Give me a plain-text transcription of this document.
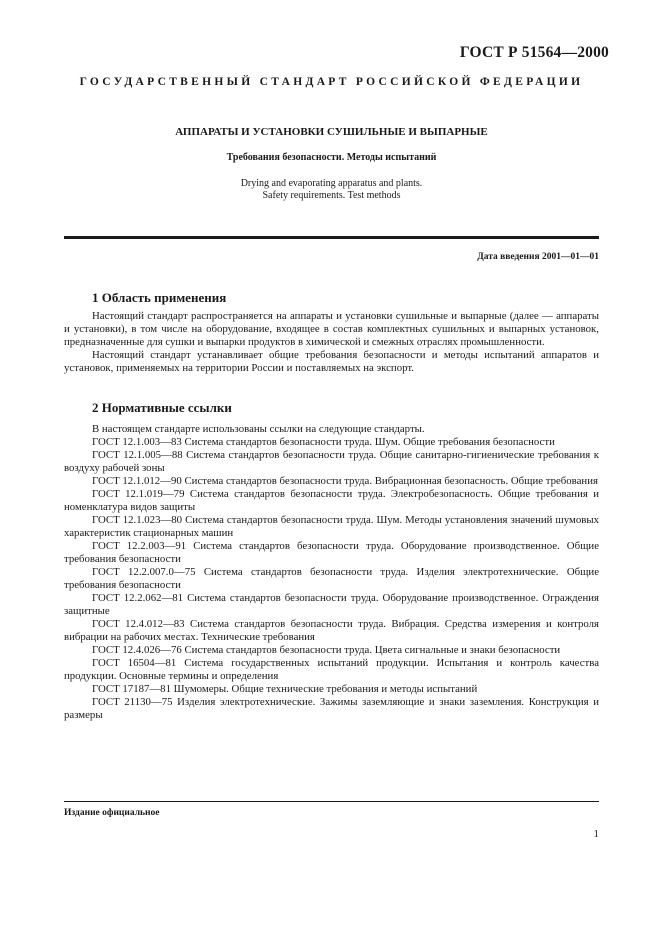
ГОСТ Р 51564—2000
ГОСУДАРСТВЕННЫЙ СТАНДАРТ РОССИЙСКОЙ ФЕДЕРАЦИИ
АППАРАТЫ И УСТАНОВКИ СУШИЛЬНЫЕ И ВЫПАРНЫЕ
Требования безопасности. Методы испытаний
Drying and evaporating apparatus and plants.
Safety requirements. Test methods
Дата введения 2001—01—01
1 Область применения

Настоящий стандарт распространяется на аппараты и установки сушильные и выпарные (далее — аппараты и установки), в том числе на оборудование, входящее в состав комплектных сушильных и выпарных установок, предназначенные для сушки и выпарки продуктов в химической и смежных отраслях промышленности.

Настоящий стандарт устанавливает общие требования безопасности и методы испытаний аппаратов и установок, применяемых на территории России и поставляемых на экспорт.

2 Нормативные ссылки

В настоящем стандарте использованы ссылки на следующие стандарты.

ГОСТ 12.1.003—83 Система стандартов безопасности труда. Шум. Общие требования безопасности

ГОСТ 12.1.005—88 Система стандартов безопасности труда. Общие санитарно-гигиенические требования к воздуху рабочей зоны

ГОСТ 12.1.012—90 Система стандартов безопасности труда. Вибрационная безопасность. Общие требования

ГОСТ 12.1.019—79 Система стандартов безопасности труда. Электробезопасность. Общие требования и номенклатура видов защиты

ГОСТ 12.1.023—80 Система стандартов безопасности труда. Шум. Методы установления значений шумовых характеристик стационарных машин

ГОСТ 12.2.003—91 Система стандартов безопасности труда. Оборудование производственное. Общие требования безопасности

ГОСТ 12.2.007.0—75 Система стандартов безопасности труда. Изделия электротехнические. Общие требования безопасности

ГОСТ 12.2.062—81 Система стандартов безопасности труда. Оборудование производственное. Ограждения защитные

ГОСТ 12.4.012—83 Система стандартов безопасности труда. Вибрация. Средства измерения и контроля вибрации на рабочих местах. Технические требования

ГОСТ 12.4.026—76 Система стандартов безопасности труда. Цвета сигнальные и знаки безопасности

ГОСТ 16504—81 Система государственных испытаний продукции. Испытания и контроль качества продукции. Основные термины и определения

ГОСТ 17187—81 Шумомеры. Общие технические требования и методы испытаний

ГОСТ 21130—75 Изделия электротехнические. Зажимы заземляющие и знаки заземления. Конструкция и размеры

Издание официальное
1
